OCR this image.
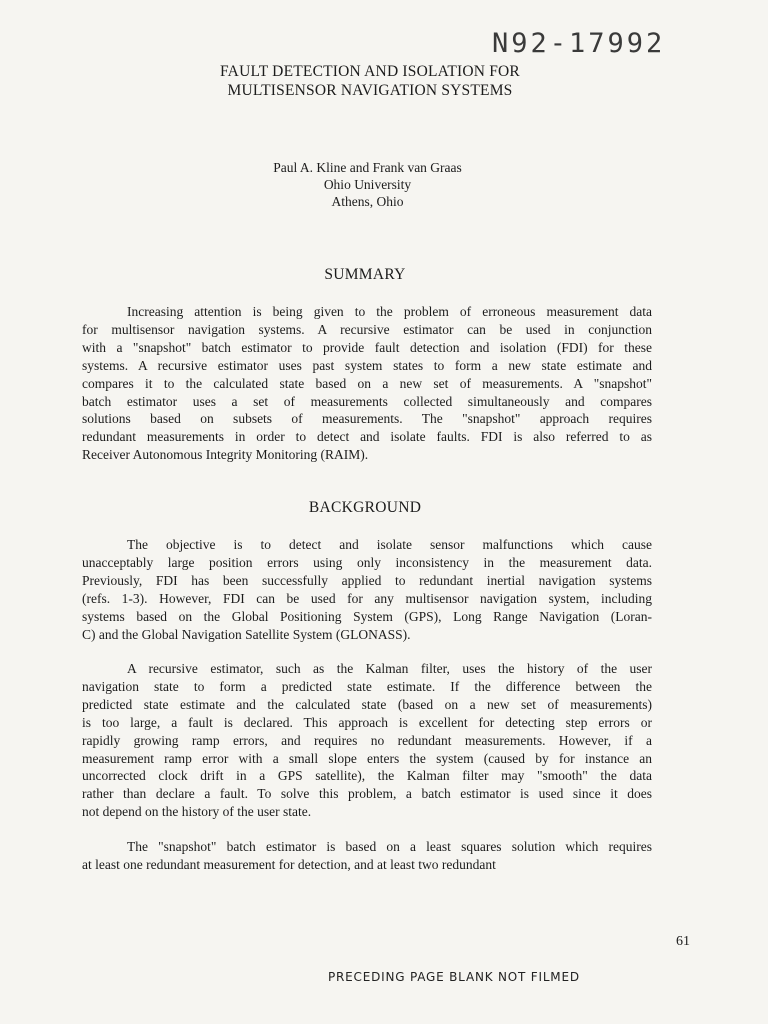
N92-17992
FAULT DETECTION AND ISOLATION FOR
MULTISENSOR NAVIGATION SYSTEMS
Paul A. Kline and Frank van Graas
Ohio University
Athens, Ohio
SUMMARY
Increasing attention is being given to the problem of erroneous measurement data
for multisensor navigation systems. A recursive estimator can be used in conjunction
with a "snapshot" batch estimator to provide fault detection and isolation (FDI) for these
systems. A recursive estimator uses past system states to form a new state estimate and
compares it to the calculated state based on a new set of measurements. A "snapshot"
batch estimator uses a set of measurements collected simultaneously and compares
solutions based on subsets of measurements. The "snapshot" approach requires
redundant measurements in order to detect and isolate faults. FDI is also referred to as
Receiver Autonomous Integrity Monitoring (RAIM).
BACKGROUND
The objective is to detect and isolate sensor malfunctions which cause
unacceptably large position errors using only inconsistency in the measurement data.
Previously, FDI has been successfully applied to redundant inertial navigation systems
(refs. 1-3). However, FDI can be used for any multisensor navigation system, including
systems based on the Global Positioning System (GPS), Long Range Navigation (Loran-
C) and the Global Navigation Satellite System (GLONASS).
A recursive estimator, such as the Kalman filter, uses the history of the user
navigation state to form a predicted state estimate. If the difference between the
predicted state estimate and the calculated state (based on a new set of measurements)
is too large, a fault is declared. This approach is excellent for detecting step errors or
rapidly growing ramp errors, and requires no redundant measurements. However, if a
measurement ramp error with a small slope enters the system (caused by for instance an
uncorrected clock drift in a GPS satellite), the Kalman filter may "smooth" the data
rather than declare a fault. To solve this problem, a batch estimator is used since it does
not depend on the history of the user state.
The "snapshot" batch estimator is based on a least squares solution which requires
at least one redundant measurement for detection, and at least two redundant
61
PRECEDING PAGE BLANK NOT FILMED
